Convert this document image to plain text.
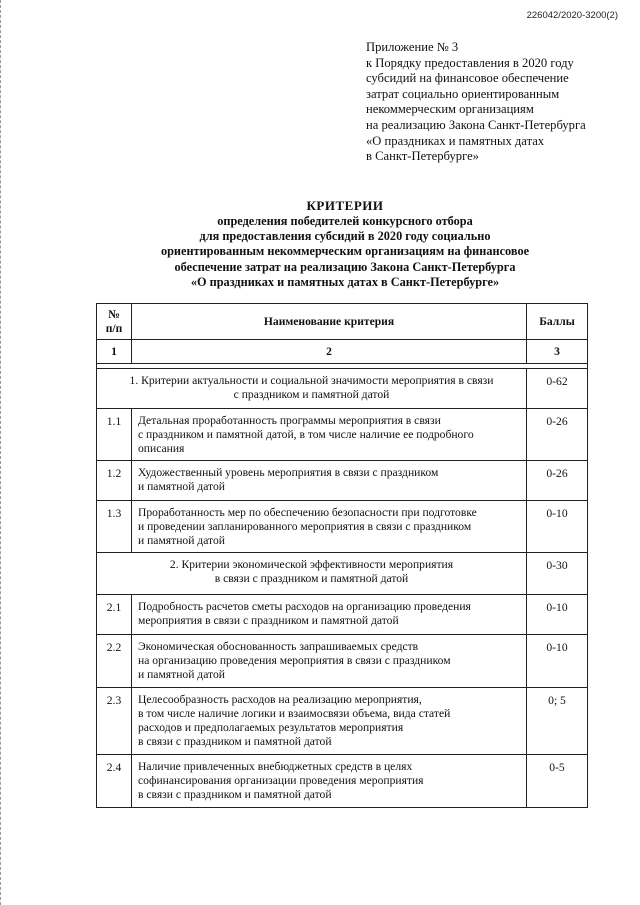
226042/2020-3200(2)
Приложение № 3
к Порядку предоставления в 2020 году
субсидий на финансовое обеспечение
затрат социально ориентированным
некоммерческим организациям
на реализацию Закона Санкт-Петербурга
«О праздниках и памятных датах
в Санкт-Петербурге»
КРИТЕРИИ
определения победителей конкурсного отбора
для предоставления субсидий в 2020 году социально
ориентированным некоммерческим организациям на финансовое
обеспечение затрат на реализацию Закона Санкт-Петербурга
«О праздниках и памятных датах в Санкт-Петербурге»
№
п/п	Наименование критерия	Баллы
1	2	3

1. Критерии актуальности и социальной значимости мероприятия в связи
с праздником и памятной датой		0-62
1.1	Детальная проработанность программы мероприятия в связи
с праздником и памятной датой, в том числе наличие ее подробного
описания	0-26
1.2	Художественный уровень мероприятия в связи с праздником
и памятной датой	0-26
1.3	Проработанность мер по обеспечению безопасности при подготовке
и проведении запланированного мероприятия в связи с праздником
и памятной датой	0-10

2. Критерии экономической эффективности мероприятия
в связи с праздником и памятной датой		0-30
2.1	Подробность расчетов сметы расходов на организацию проведения
мероприятия в связи с праздником и памятной датой	0-10
2.2	Экономическая обоснованность запрашиваемых средств
на организацию проведения мероприятия в связи с праздником
и памятной датой	0-10
2.3	Целесообразность расходов на реализацию мероприятия,
в том числе наличие логики и взаимосвязи объема, вида статей
расходов и предполагаемых результатов мероприятия
в связи с праздником и памятной датой	0; 5
2.4	Наличие привлеченных внебюджетных средств в целях
софинансирования организации проведения мероприятия
в связи с праздником и памятной датой	0-5
